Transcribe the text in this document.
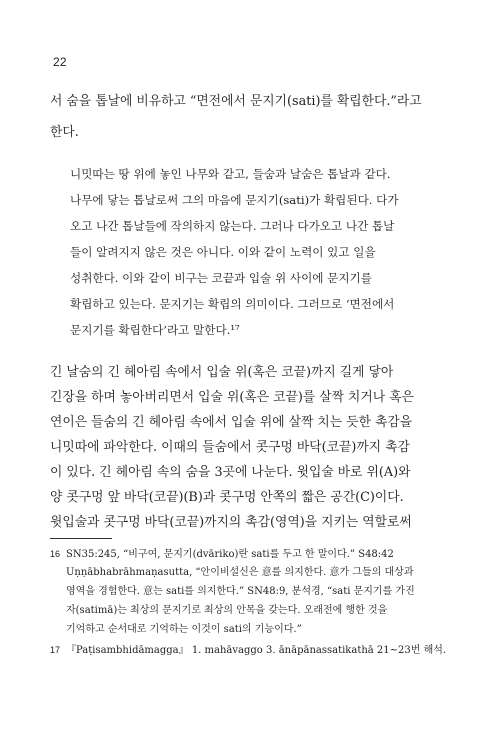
22
서 숨을 톱날에 비유하고 “면전에서 문지기(sati)를 확립한다.”라고
한다.
니밋따는 땅 위에 놓인 나무와 같고, 들숨과 날숨은 톱날과 같다.
나무에 닿는 톱날로써 그의 마음에 문지기(sati)가 확립된다. 다가
오고 나간 톱날들에 작의하지 않는다. 그러나 다가오고 나간 톱날
들이 알려지지 않은 것은 아니다. 이와 같이 노력이 있고 일을
성취한다. 이와 같이 비구는 코끝과 입술 위 사이에 문지기를
확립하고 있는다. 문지기는 확립의 의미이다. 그러므로 ‘면전에서
문지기를 확립한다’라고 말한다.¹⁷
긴 날숨의 긴 헤아림 속에서 입술 위(혹은 코끝)까지 길게 닿아
긴장을 하며 놓아버리면서 입술 위(혹은 코끝)를 살짝 치거나 혹은
연이은 들숨의 긴 헤아림 속에서 입술 위에 살짝 치는 듯한 촉감을
니밋따에 파악한다. 이때의 들숨에서 콧구멍 바닥(코끝)까지 촉감
이 있다. 긴 헤아림 속의 숨을 3곳에 나눈다. 윗입술 바로 위(A)와
양 콧구멍 앞 바닥(코끝)(B)과 콧구멍 안쪽의 짧은 공간(C)이다.
윗입술과 콧구멍 바닥(코끝)까지의 촉감(영역)을 지키는 역할로써
16 SN35:245, “비구여, 문지기(dvāriko)란 sati를 두고 한 말이다.” S48:42
Uṇṇābhabrāhmaṇasutta, “안이비설신은 意를 의지한다. 意가 그들의 대상과
영역을 경험한다. 意는 sati를 의지한다.” SN48:9, 분석경, “sati 문지기를 가진
자(satimā)는 최상의 문지기로 최상의 안목을 갖는다. 오래전에 행한 것을
기억하고 순서대로 기억하는 이것이 sati의 기능이다.”
17 『Paṭisambhidāmagga』 1. mahāvaggo 3. ānāpānassatikathā 21~23번 해석.
